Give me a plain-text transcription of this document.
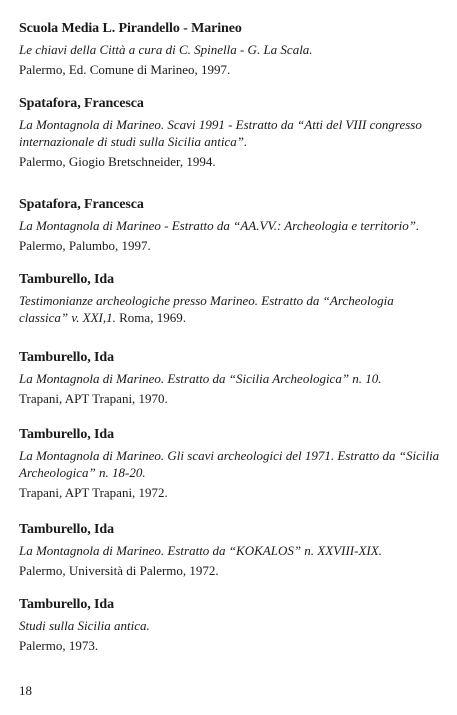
Scuola Media L. Pirandello - Marineo
Le chiavi della Città a cura di C. Spinella - G. La Scala.
Palermo, Ed. Comune di Marineo, 1997.
Spatafora, Francesca
La Montagnola di Marineo. Scavi 1991 - Estratto da “Atti del VIII congresso internazionale di studi sulla Sicilia antica”.
Palermo, Giogio Bretschneider, 1994.
Spatafora, Francesca
La Montagnola di Marineo - Estratto da “AA.VV.: Archeologia e territorio”.
Palermo, Palumbo, 1997.
Tamburello, Ida
Testimonianze archeologiche presso Marineo. Estratto da “Archeologia classica” v. XXI,1. Roma, 1969.
Tamburello, Ida
La Montagnola di Marineo. Estratto da “Sicilia Archeologica” n. 10.
Trapani, APT Trapani, 1970.
Tamburello, Ida
La Montagnola di Marineo. Gli scavi archeologici del 1971. Estratto da “Sicilia Archeologica” n. 18-20.
Trapani, APT Trapani, 1972.
Tamburello, Ida
La Montagnola di Marineo. Estratto da “KOKALOS” n. XXVIII-XIX.
Palermo, Università di Palermo, 1972.
Tamburello, Ida
Studi sulla Sicilia antica.
Palermo, 1973.
18
